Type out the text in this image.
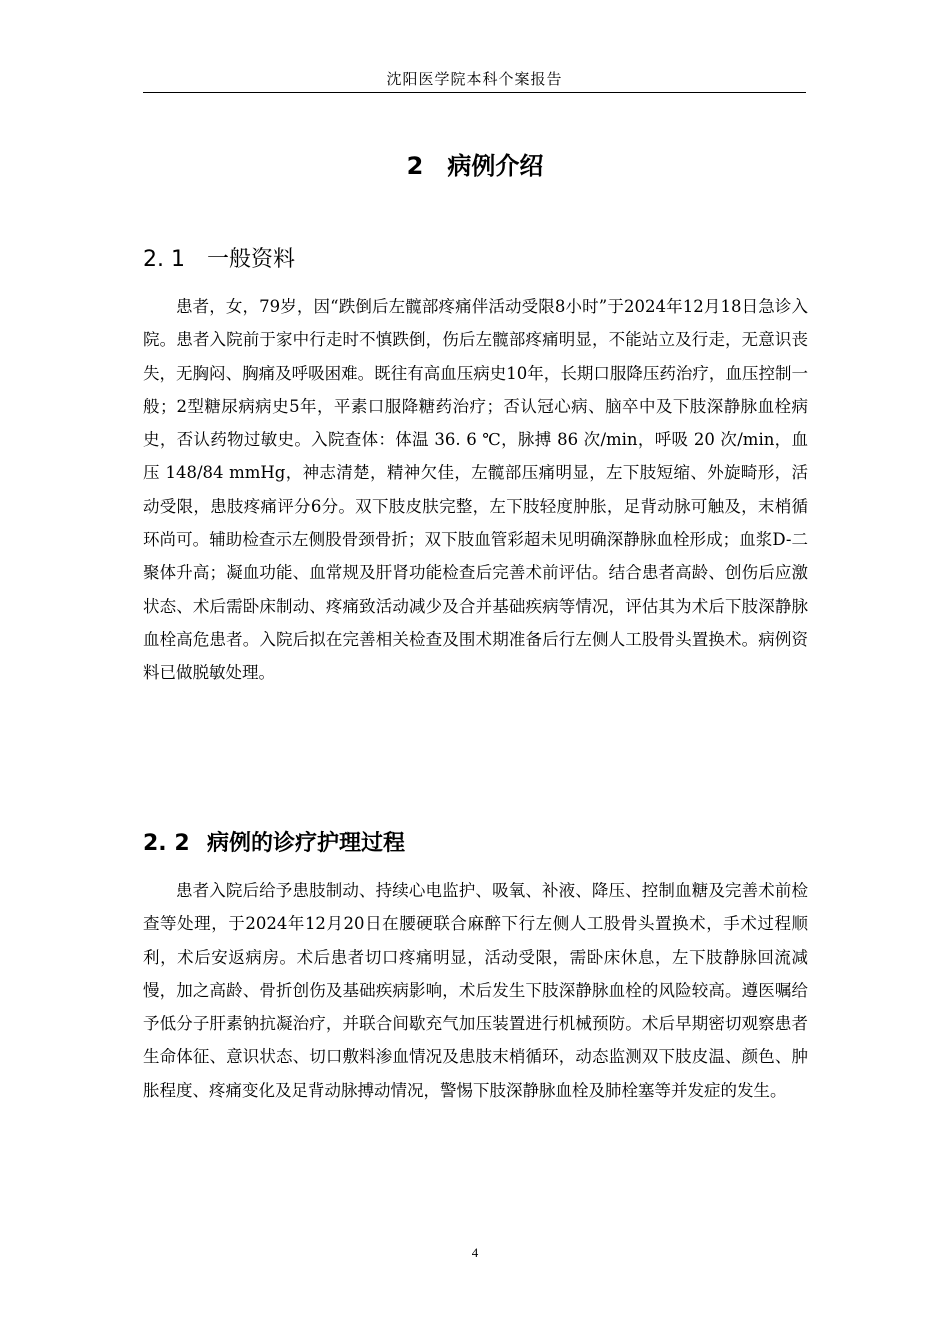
沈阳医学院本科个案报告
2 病例介绍
2. 1 一般资料

患者，女，79岁，因“跌倒后左髋部疼痛伴活动受限8小时”于2024年12月18日急诊入院。患者入院前于家中行走时不慎跌倒，伤后左髋部疼痛明显，不能站立及行走，无意识丧失，无胸闷、胸痛及呼吸困难。既往有高血压病史10年，长期口服降压药治疗，血压控制一般；2型糖尿病病史5年，平素口服降糖药治疗；否认冠心病、脑卒中及下肢深静脉血栓病史，否认药物过敏史。入院查体：体温 36. 6 ℃，脉搏 86 次/min，呼吸 20 次/min，血压 148/84 mmHg，神志清楚，精神欠佳，左髋部压痛明显，左下肢短缩、外旋畸形，活动受限，患肢疼痛评分6分。双下肢皮肤完整，左下肢轻度肿胀，足背动脉可触及，末梢循环尚可。辅助检查示左侧股骨颈骨折；双下肢血管彩超未见明确深静脉血栓形成；血浆D-二聚体升高；凝血功能、血常规及肝肾功能检查后完善术前评估。结合患者高龄、创伤后应激状态、术后需卧床制动、疼痛致活动减少及合并基础疾病等情况，评估其为术后下肢深静脉血栓高危患者。入院后拟在完善相关检查及围术期准备后行左侧人工股骨头置换术。病例资料已做脱敏处理。

2. 2 病例的诊疗护理过程

患者入院后给予患肢制动、持续心电监护、吸氧、补液、降压、控制血糖及完善术前检查等处理，于2024年12月20日在腰硬联合麻醉下行左侧人工股骨头置换术，手术过程顺利，术后安返病房。术后患者切口疼痛明显，活动受限，需卧床休息，左下肢静脉回流减慢，加之高龄、骨折创伤及基础疾病影响，术后发生下肢深静脉血栓的风险较高。遵医嘱给予低分子肝素钠抗凝治疗，并联合间歇充气加压装置进行机械预防。术后早期密切观察患者生命体征、意识状态、切口敷料渗血情况及患肢末梢循环，动态监测双下肢皮温、颜色、肿胀程度、疼痛变化及足背动脉搏动情况，警惕下肢深静脉血栓及肺栓塞等并发症的发生。

4
